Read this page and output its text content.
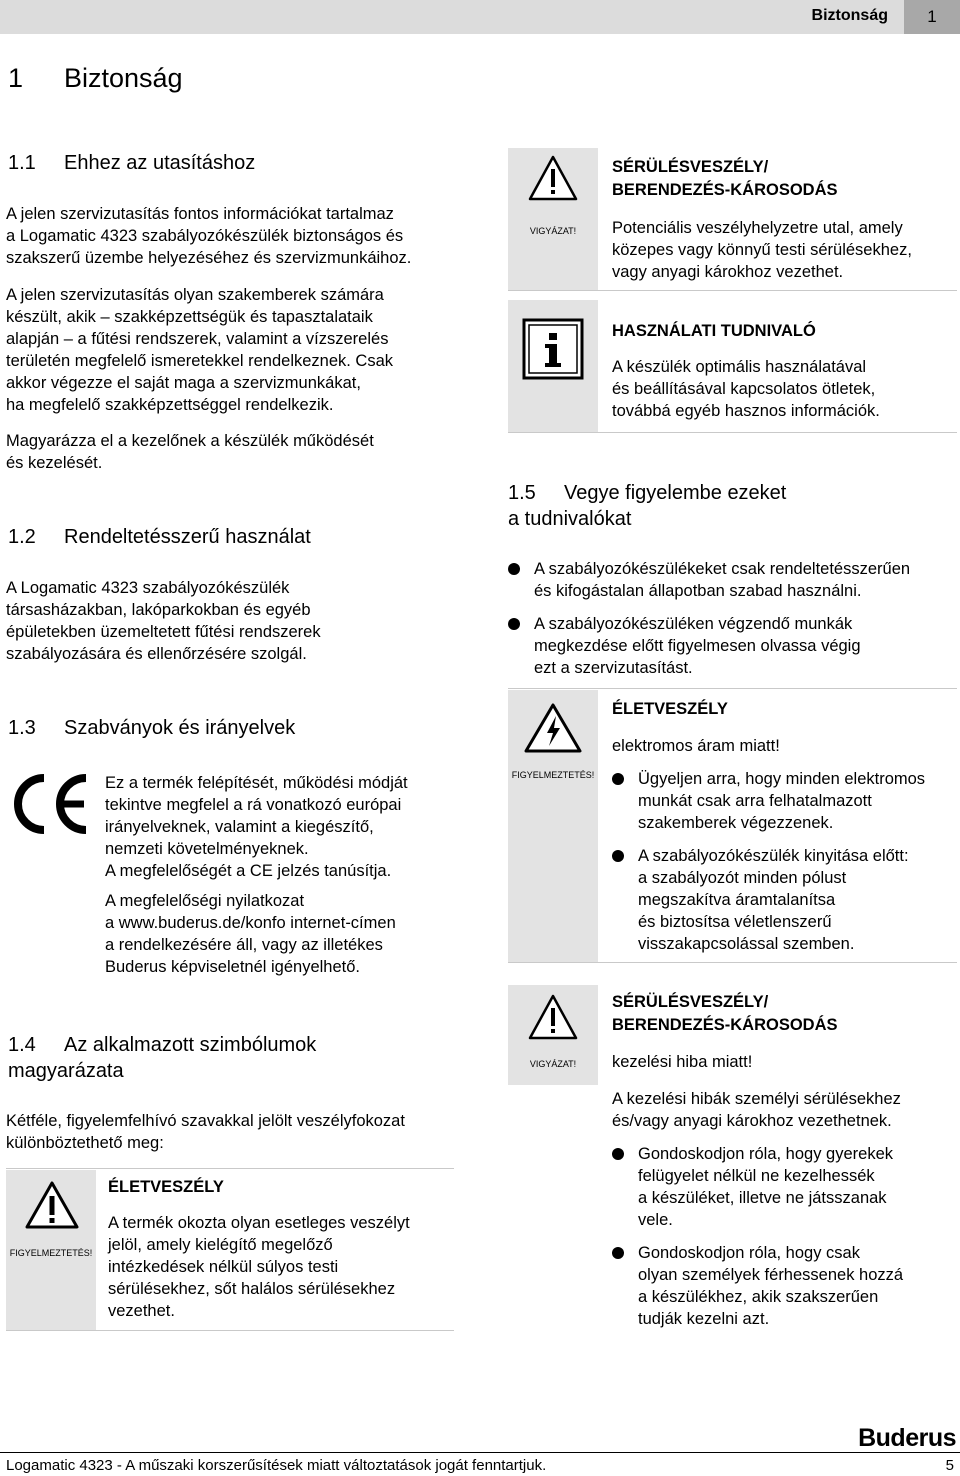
Biztonság	1
1 Biztonság
1.1 Ehhez az utasításhoz
A jelen szervizutasítás fontos információkat tartalmaz
a Logamatic 4323 szabályozókészülék biztonságos és
szakszerű üzembe helyezéséhez és szervizmunkáihoz.
A jelen szervizutasítás olyan szakemberek számára
készült, akik – szakképzettségük és tapasztalataik
alapján – a fűtési rendszerek, valamint a vízszerelés
területén megfelelő ismeretekkel rendelkeznek. Csak
akkor végezze el saját maga a szervizmunkákat,
ha megfelelő szakképzettséggel rendelkezik.
Magyarázza el a kezelőnek a készülék működését
és kezelését.
1.2 Rendeltetésszerű használat
A Logamatic 4323 szabályozókészülék
társasházakban, lakóparkokban és egyéb
épületekben üzemeltetett fűtési rendszerek
szabályozására és ellenőrzésére szolgál.
1.3 Szabványok és irányelvek
Ez a termék felépítését, működési módját
tekintve megfelel a rá vonatkozó európai
irányelveknek, valamint a kiegészítő,
nemzeti követelményeknek.
A megfelelőségét a CE jelzés tanúsítja.
A megfelelőségi nyilatkozat
a www.buderus.de/konfo internet-címen
a rendelkezésére áll, vagy az illetékes
Buderus képviseletnél igényelhető.
1.4 Az alkalmazott szimbólumok
magyarázata
Kétféle, figyelemfelhívó szavakkal jelölt veszélyfokozat
különböztethető meg:
FIGYELMEZTETÉS!
ÉLETVESZÉLY
A termék okozta olyan esetleges veszélyt
jelöl, amely kielégítő megelőző
intézkedések nélkül súlyos testi
sérülésekhez, sőt halálos sérülésekhez
vezethet.
VIGYÁZAT!
SÉRÜLÉSVESZÉLY/
BERENDEZÉS-KÁROSODÁS
Potenciális veszélyhelyzetre utal, amely
közepes vagy könnyű testi sérülésekhez,
vagy anyagi károkhoz vezethet.
HASZNÁLATI TUDNIVALÓ
A készülék optimális használatával
és beállításával kapcsolatos ötletek,
továbbá egyéb hasznos információk.
1.5 Vegye figyelembe ezeket
a tudnivalókat
A szabályozókészülékeket csak rendeltetésszerűen
és kifogástalan állapotban szabad használni.
A szabályozókészüléken végzendő munkák
megkezdése előtt figyelmesen olvassa végig
ezt a szervizutasítást.
FIGYELMEZTETÉS!
ÉLETVESZÉLY
elektromos áram miatt!
Ügyeljen arra, hogy minden elektromos
munkát csak arra felhatalmazott
szakemberek végezzenek.
A szabályozókészülék kinyitása előtt:
a szabályozót minden pólust
megszakítva áramtalanítsa
és biztosítsa véletlenszerű
visszakapcsolással szemben.
VIGYÁZAT!
SÉRÜLÉSVESZÉLY/
BERENDEZÉS-KÁROSODÁS
kezelési hiba miatt!
A kezelési hibák személyi sérülésekhez
és/vagy anyagi károkhoz vezethetnek.
Gondoskodjon róla, hogy gyerekek
felügyelet nélkül ne kezelhessék
a készüléket, illetve ne játsszanak
vele.
Gondoskodjon róla, hogy csak
olyan személyek férhessenek hozzá
a készülékhez, akik szakszerűen
tudják kezelni azt.
Buderus
Logamatic 4323 - A műszaki korszerűsítések miatt változtatások jogát fenntartjuk.	5
